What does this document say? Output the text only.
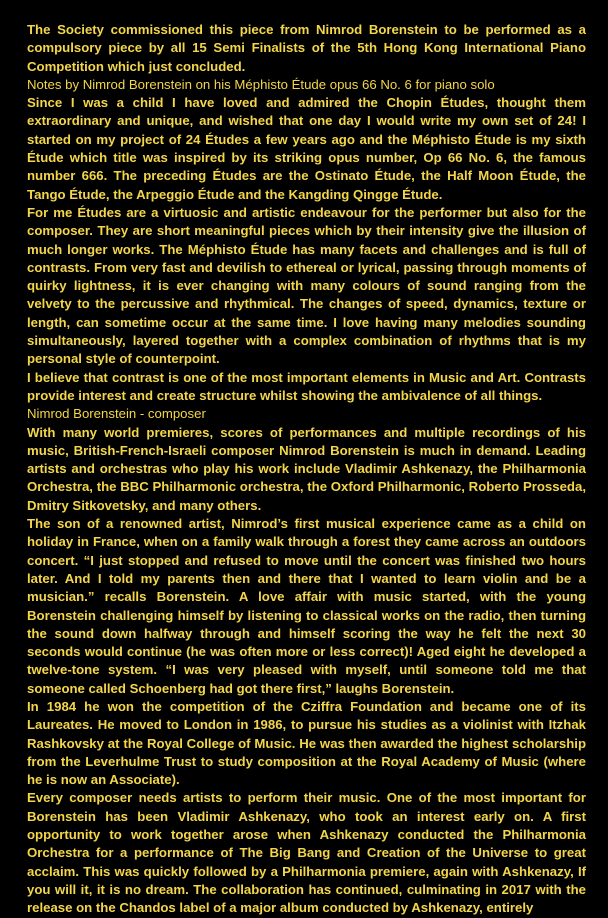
The Society commissioned this piece from Nimrod Borenstein to be performed as a compulsory piece by all 15 Semi Finalists of the 5th Hong Kong International Piano Competition which just concluded.

Notes by Nimrod Borenstein on his Méphisto Étude opus 66 No. 6 for piano solo

Since I was a child I have loved and admired the Chopin Études, thought them extraordinary and unique, and wished that one day I would write my own set of 24! I started on my project of 24 Études a few years ago and the Méphisto Étude is my sixth Étude which title was inspired by its striking opus number, Op 66 No. 6, the famous number 666. The preceding Études are the Ostinato Étude, the Half Moon Étude, the Tango Étude, the Arpeggio Étude and the Kangding Qingge Étude.

For me Études are a virtuosic and artistic endeavour for the performer but also for the composer. They are short meaningful pieces which by their intensity give the illusion of much longer works. The Méphisto Étude has many facets and challenges and is full of contrasts. From very fast and devilish to ethereal or lyrical, passing through moments of quirky lightness, it is ever changing with many colours of sound ranging from the velvety to the percussive and rhythmical. The changes of speed, dynamics, texture or length, can sometime occur at the same time. I love having many melodies sounding simultaneously, layered together with a complex combination of rhythms that is my personal style of counterpoint.

I believe that contrast is one of the most important elements in Music and Art. Contrasts provide interest and create structure whilst showing the ambivalence of all things.

Nimrod Borenstein - composer

With many world premieres, scores of performances and multiple recordings of his music, British-French-Israeli composer Nimrod Borenstein is much in demand. Leading artists and orchestras who play his work include Vladimir Ashkenazy, the Philharmonia Orchestra, the BBC Philharmonic orchestra, the Oxford Philharmonic, Roberto Prosseda, Dmitry Sitkovetsky, and many others.

The son of a renowned artist, Nimrod’s first musical experience came as a child on holiday in France, when on a family walk through a forest they came across an outdoors concert. “I just stopped and refused to move until the concert was finished two hours later. And I told my parents then and there that I wanted to learn violin and be a musician.” recalls Borenstein. A love affair with music started, with the young Borenstein challenging himself by listening to classical works on the radio, then turning the sound down halfway through and himself scoring the way he felt the next 30 seconds would continue (he was often more or less correct)! Aged eight he developed a twelve-tone system. “I was very pleased with myself, until someone told me that someone called Schoenberg had got there first,” laughs Borenstein.

In 1984 he won the competition of the Cziffra Foundation and became one of its Laureates. He moved to London in 1986, to pursue his studies as a violinist with Itzhak Rashkovsky at the Royal College of Music. He was then awarded the highest scholarship from the Leverhulme Trust to study composition at the Royal Academy of Music (where he is now an Associate).

Every composer needs artists to perform their music. One of the most important for Borenstein has been Vladimir Ashkenazy, who took an interest early on. A first opportunity to work together arose when Ashkenazy conducted the Philharmonia Orchestra for a performance of The Big Bang and Creation of the Universe to great acclaim. This was quickly followed by a Philharmonia premiere, again with Ashkenazy, If you will it, it is no dream. The collaboration has continued, culminating in 2017 with the release on the Chandos label of a major album conducted by Ashkenazy, entirely
